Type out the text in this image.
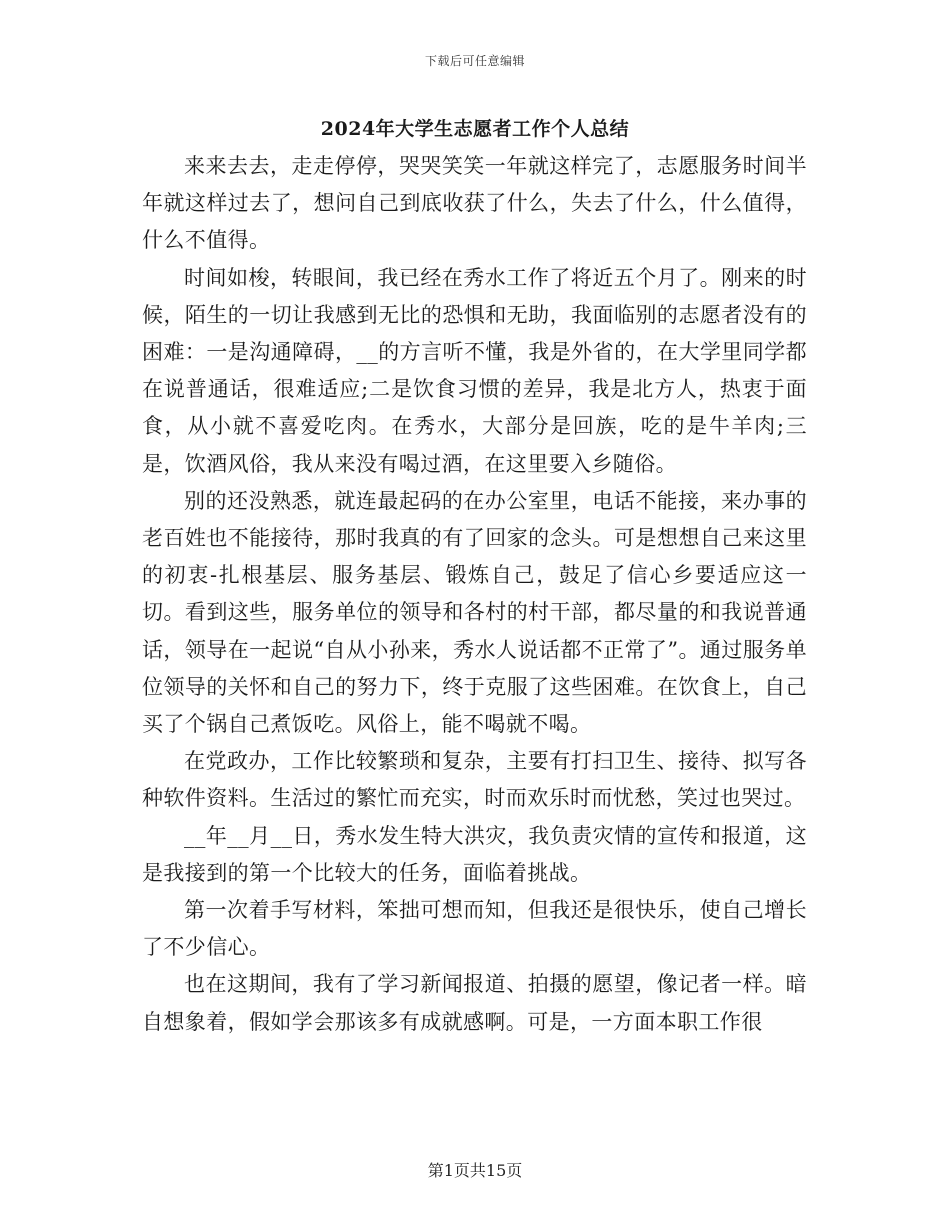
下载后可任意编辑
2024年大学生志愿者工作个人总结

来来去去，走走停停，哭哭笑笑一年就这样完了，志愿服务时间半年就这样过去了，想问自己到底收获了什么，失去了什么，什么值得，什么不值得。

时间如梭，转眼间，我已经在秀水工作了将近五个月了。刚来的时候，陌生的一切让我感到无比的恐惧和无助，我面临别的志愿者没有的困难：一是沟通障碍，__的方言听不懂，我是外省的，在大学里同学都在说普通话，很难适应;二是饮食习惯的差异，我是北方人，热衷于面食，从小就不喜爱吃肉。在秀水，大部分是回族，吃的是牛羊肉;三是，饮酒风俗，我从来没有喝过酒，在这里要入乡随俗。

别的还没熟悉，就连最起码的在办公室里，电话不能接，来办事的老百姓也不能接待，那时我真的有了回家的念头。可是想想自己来这里的初衷-扎根基层、服务基层、锻炼自己，鼓足了信心乡要适应这一切。看到这些，服务单位的领导和各村的村干部，都尽量的和我说普通话，领导在一起说“自从小孙来，秀水人说话都不正常了”。通过服务单位领导的关怀和自己的努力下，终于克服了这些困难。在饮食上，自己买了个锅自己煮饭吃。风俗上，能不喝就不喝。

在党政办，工作比较繁琐和复杂，主要有打扫卫生、接待、拟写各种软件资料。生活过的繁忙而充实，时而欢乐时而忧愁，笑过也哭过。

__年__月__日，秀水发生特大洪灾，我负责灾情的宣传和报道，这是我接到的第一个比较大的任务，面临着挑战。

第一次着手写材料，笨拙可想而知，但我还是很快乐，使自己增长了不少信心。

也在这期间，我有了学习新闻报道、拍摄的愿望，像记者一样。暗自想象着，假如学会那该多有成就感啊。可是，一方面本职工作很

第1页共15页
